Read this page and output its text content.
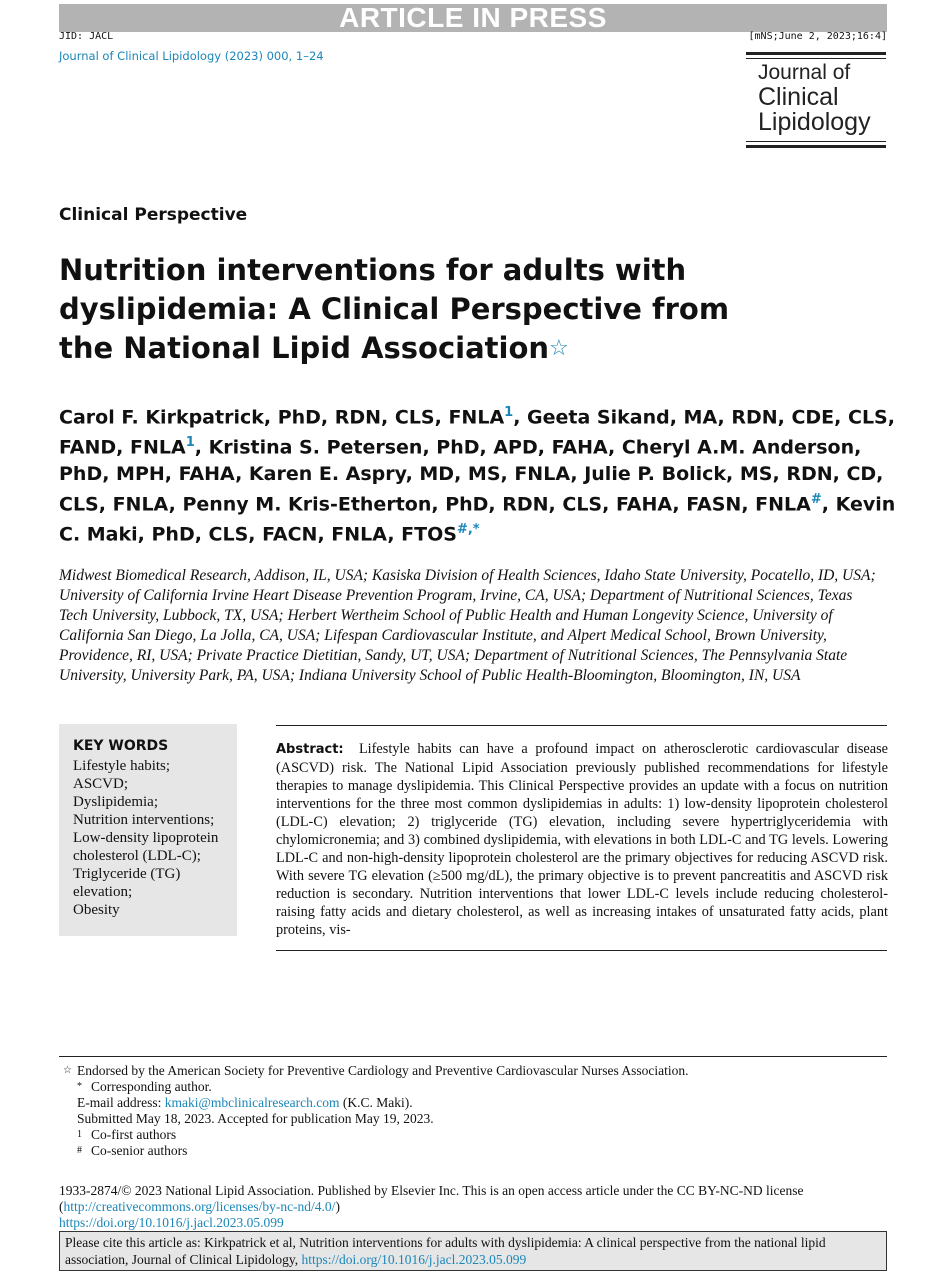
ARTICLE IN PRESS
JID: JACL	[mNS;June 2, 2023;16:4]
Journal of Clinical Lipidology (2023) 000, 1–24
Journal of
Clinical
Lipidology
Clinical Perspective
Nutrition interventions for adults with dyslipidemia: A Clinical Perspective from the National Lipid Association☆
Carol F. Kirkpatrick, PhD, RDN, CLS, FNLA$^1$, Geeta Sikand, MA, RDN, CDE, CLS, FAND, FNLA$^1$, Kristina S. Petersen, PhD, APD, FAHA, Cheryl A.M. Anderson, PhD, MPH, FAHA, Karen E. Aspry, MD, MS, FNLA, Julie P. Bolick, MS, RDN, CD, CLS, FNLA, Penny M. Kris-Etherton, PhD, RDN, CLS, FAHA, FASN, FNLA#, Kevin C. Maki, PhD, CLS, FACN, FNLA, FTOS#,*
Midwest Biomedical Research, Addison, IL, USA; Kasiska Division of Health Sciences, Idaho State University, Pocatello, ID, USA; University of California Irvine Heart Disease Prevention Program, Irvine, CA, USA; Department of Nutritional Sciences, Texas Tech University, Lubbock, TX, USA; Herbert Wertheim School of Public Health and Human Longevity Science, University of California San Diego, La Jolla, CA, USA; Lifespan Cardiovascular Institute, and Alpert Medical School, Brown University, Providence, RI, USA; Private Practice Dietitian, Sandy, UT, USA; Department of Nutritional Sciences, The Pennsylvania State University, University Park, PA, USA; Indiana University School of Public Health-Bloomington, Bloomington, IN, USA
KEY WORDS
Lifestyle habits;
ASCVD;
Dyslipidemia;
Nutrition interventions;
Low-density lipoprotein cholesterol (LDL-C);
Triglyceride (TG) elevation;
Obesity
Abstract: Lifestyle habits can have a profound impact on atherosclerotic cardiovascular disease (ASCVD) risk. The National Lipid Association previously published recommendations for lifestyle therapies to manage dyslipidemia. This Clinical Perspective provides an update with a focus on nutrition interventions for the three most common dyslipidemias in adults: 1) low-density lipoprotein cholesterol (LDL-C) elevation; 2) triglyceride (TG) elevation, including severe hypertriglyceridemia with chylomicronemia; and 3) combined dyslipidemia, with elevations in both LDL-C and TG levels. Lowering LDL-C and non-high-density lipoprotein cholesterol are the primary objectives for reducing ASCVD risk. With severe TG elevation (≥500 mg/dL), the primary objective is to prevent pancreatitis and ASCVD risk reduction is secondary. Nutrition interventions that lower LDL-C levels include reducing cholesterol-raising fatty acids and dietary cholesterol, as well as increasing intakes of unsaturated fatty acids, plant proteins, vis-
☆ Endorsed by the American Society for Preventive Cardiology and Preventive Cardiovascular Nurses Association.
* Corresponding author.
E-mail address: kmaki@mbclinicalresearch.com (K.C. Maki).
Submitted May 18, 2023. Accepted for publication May 19, 2023.
1 Co-first authors
# Co-senior authors
1933-2874/© 2023 National Lipid Association. Published by Elsevier Inc. This is an open access article under the CC BY-NC-ND license
(http://creativecommons.org/licenses/by-nc-nd/4.0/)
https://doi.org/10.1016/j.jacl.2023.05.099
Please cite this article as: Kirkpatrick et al, Nutrition interventions for adults with dyslipidemia: A clinical perspective from the national lipid association, Journal of Clinical Lipidology, https://doi.org/10.1016/j.jacl.2023.05.099
